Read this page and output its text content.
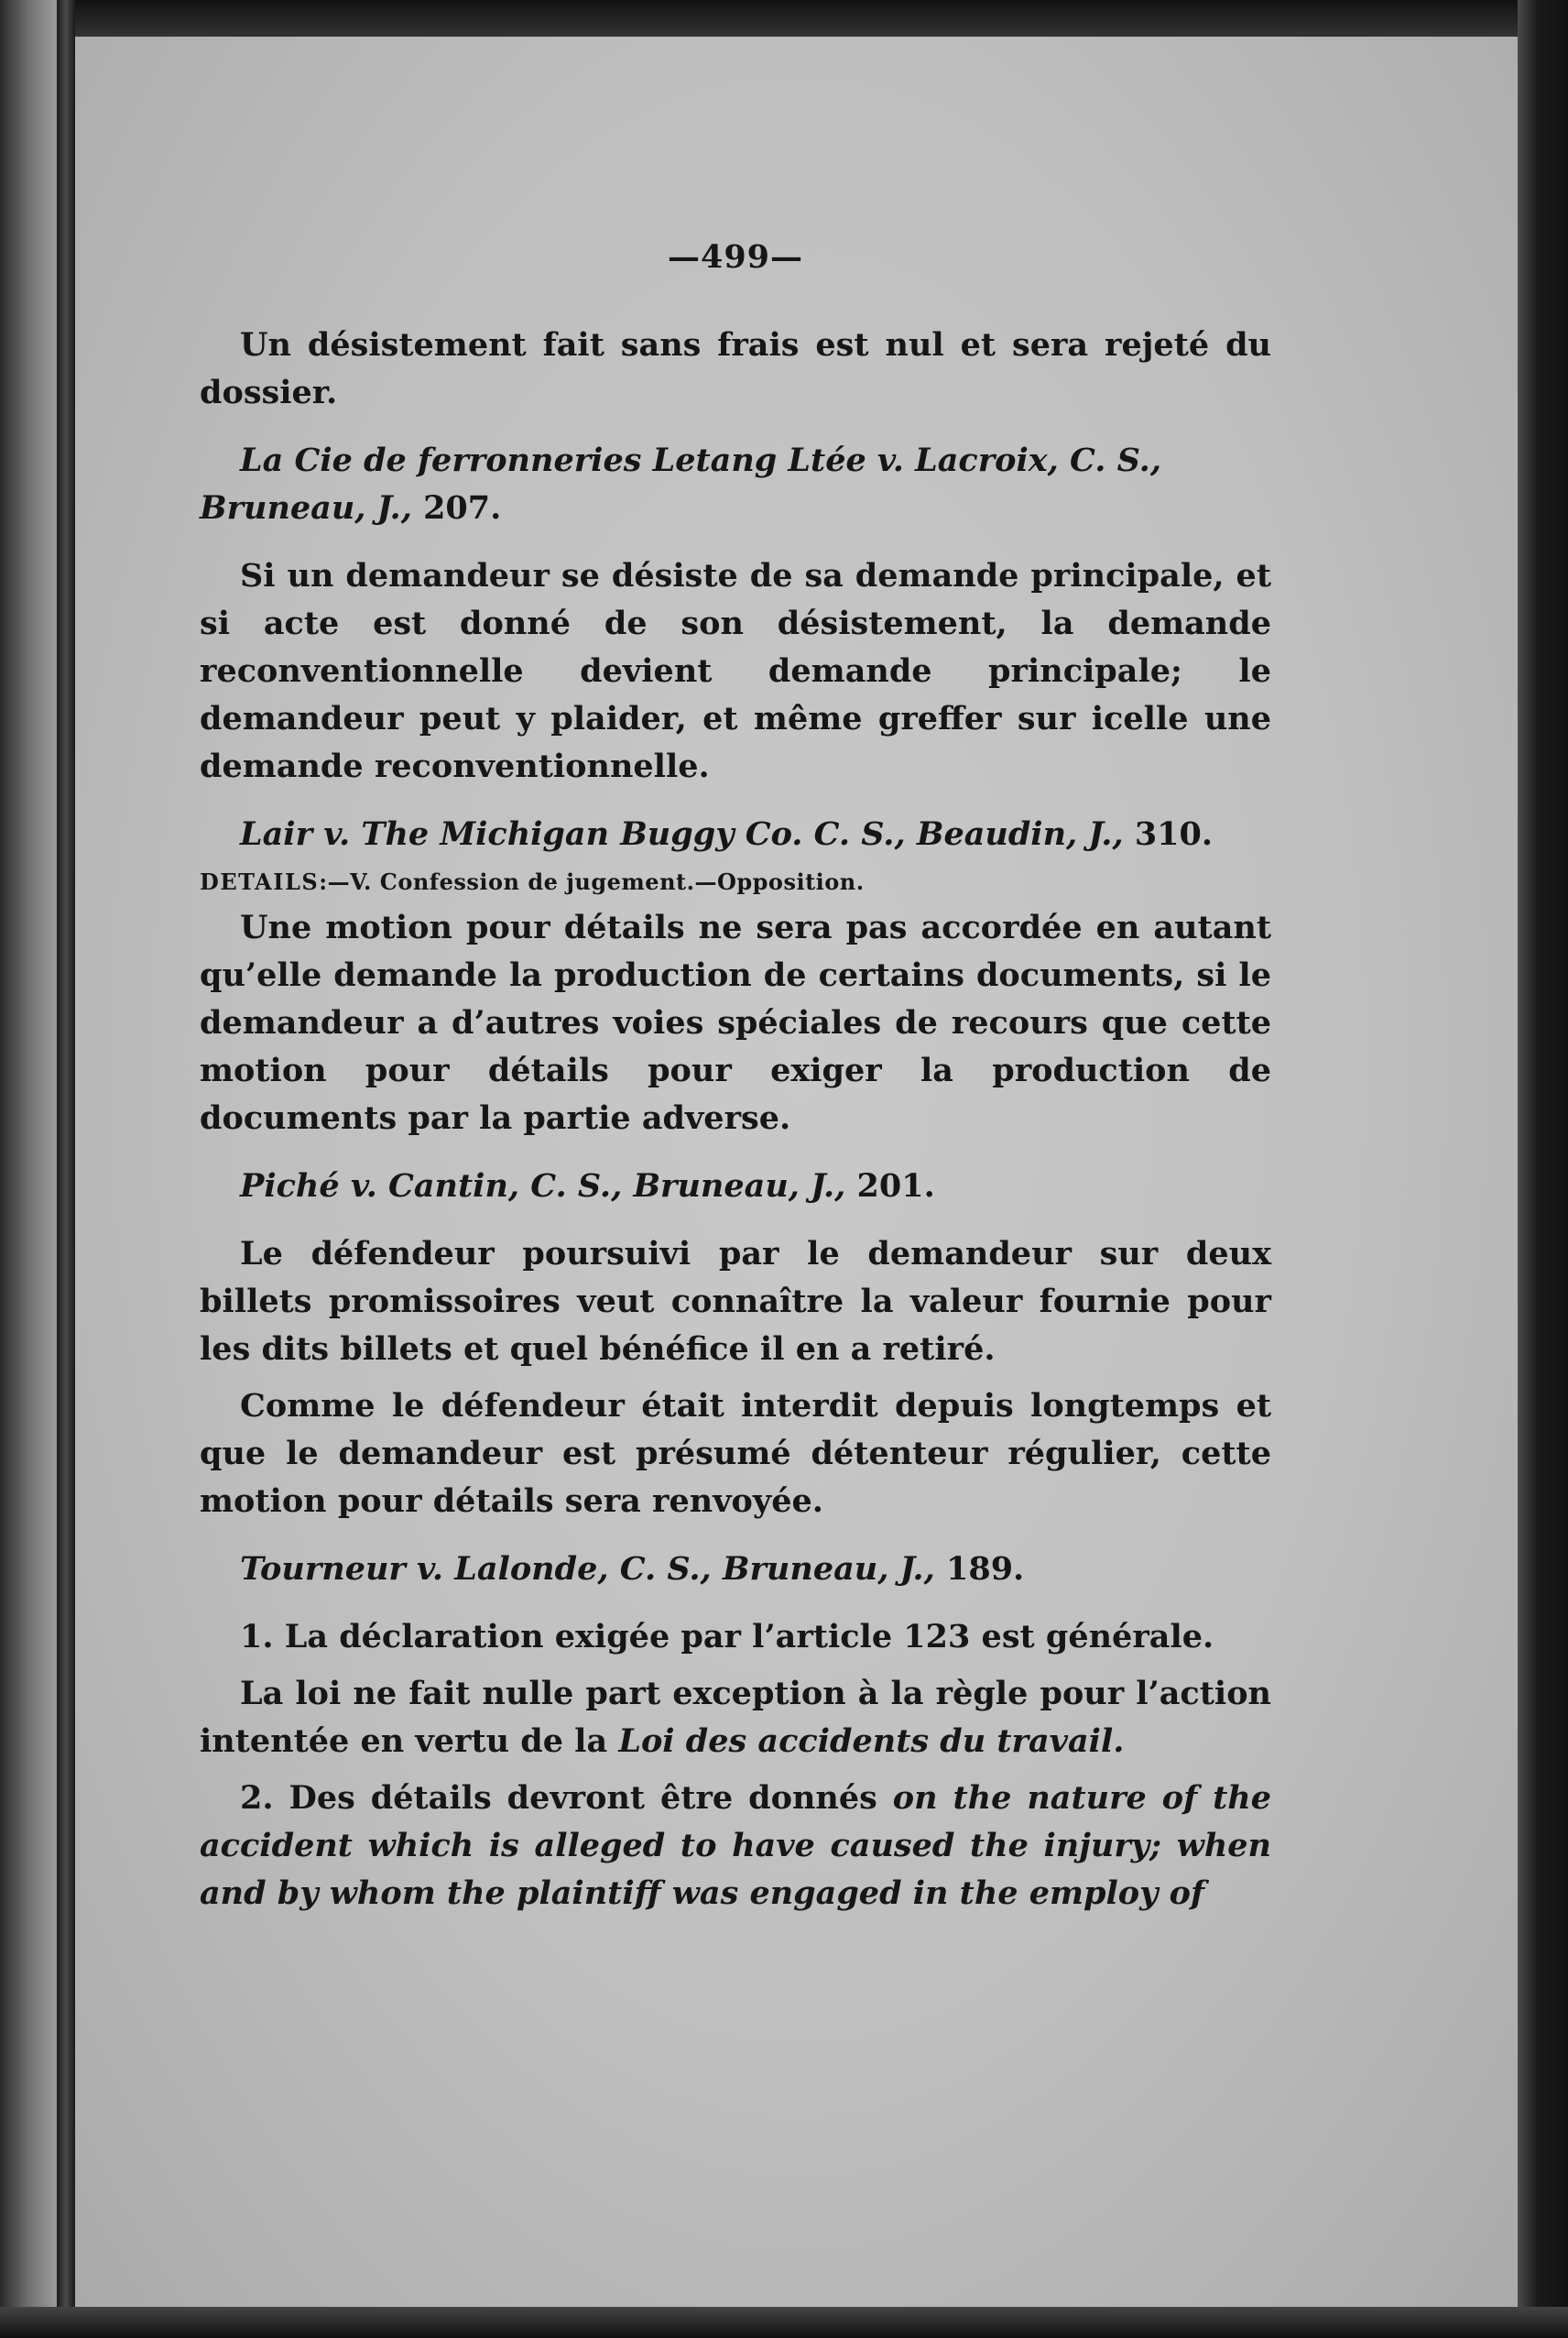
—499—

Un désistement fait sans frais est nul et sera rejeté du dossier.

La Cie de ferronneries Letang Ltée v. Lacroix, C. S., Bruneau, J., 207.

Si un demandeur se désiste de sa demande principale, et si acte est donné de son désistement, la demande reconventionnelle devient demande principale; le demandeur peut y plaider, et même greffer sur icelle une demande reconventionnelle.

Lair v. The Michigan Buggy Co. C. S., Beaudin, J., 310.

DETAILS:—V. Confession de jugement.—Opposition.

Une motion pour détails ne sera pas accordée en autant qu’elle demande la production de certains documents, si le demandeur a d’autres voies spéciales de recours que cette motion pour détails pour exiger la production de documents par la partie adverse.

Piché v. Cantin, C. S., Bruneau, J., 201.

Le défendeur poursuivi par le demandeur sur deux billets promissoires veut connaître la valeur fournie pour les dits billets et quel bénéfice il en a retiré.

Comme le défendeur était interdit depuis longtemps et que le demandeur est présumé détenteur régulier, cette motion pour détails sera renvoyée.

Tourneur v. Lalonde, C. S., Bruneau, J., 189.

1. La déclaration exigée par l’article 123 est générale.

La loi ne fait nulle part exception à la règle pour l’action intentée en vertu de la Loi des accidents du travail.

2. Des détails devront être donnés on the nature of the accident which is alleged to have caused the injury; when and by whom the plaintiff was engaged in the employ of
